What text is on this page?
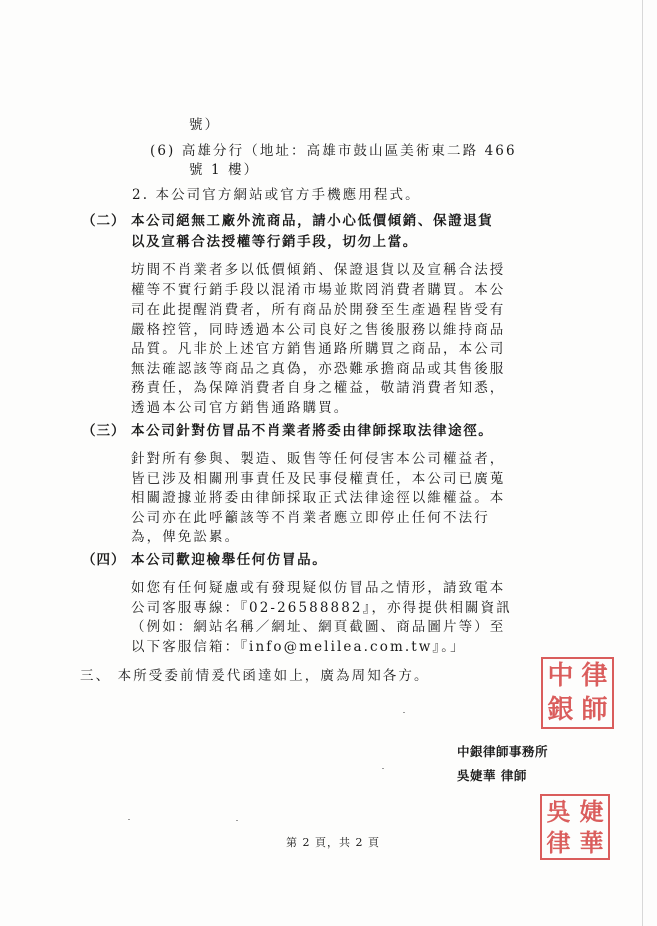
號）
(6) 高雄分行（地址：高雄市鼓山區美術東二路 466
號 1 樓）
2. 本公司官方網站或官方手機應用程式。
（二） 本公司絕無工廠外流商品，請小心低價傾銷、保證退貨
以及宣稱合法授權等行銷手段，切勿上當。
坊間不肖業者多以低價傾銷、保證退貨以及宣稱合法授
權等不實行銷手段以混淆市場並欺罔消費者購買。本公
司在此提醒消費者，所有商品於開發至生產過程皆受有
嚴格控管，同時透過本公司良好之售後服務以維持商品
品質。凡非於上述官方銷售通路所購買之商品，本公司
無法確認該等商品之真偽，亦恐難承擔商品或其售後服
務責任，為保障消費者自身之權益，敬請消費者知悉，
透過本公司官方銷售通路購買。
（三） 本公司針對仿冒品不肖業者將委由律師採取法律途徑。
針對所有參與、製造、販售等任何侵害本公司權益者，
皆已涉及相關刑事責任及民事侵權責任，本公司已廣蒐
相關證據並將委由律師採取正式法律途徑以維權益。本
公司亦在此呼籲該等不肖業者應立即停止任何不法行
為，俾免訟累。
（四） 本公司歡迎檢舉任何仿冒品。
如您有任何疑慮或有發現疑似仿冒品之情形，請致電本
公司客服專線：『02-26588882』，亦得提供相關資訊
（例如：網站名稱／網址、網頁截圖、商品圖片等）至
以下客服信箱：『info@melilea.com.tw』。」
三、 本所受委前情爰代函達如上，廣為周知各方。	中 律
銀 師
中銀律師事務所
吳婕華 律師
吳 婕
律 華
第 2 頁，共 2 頁
